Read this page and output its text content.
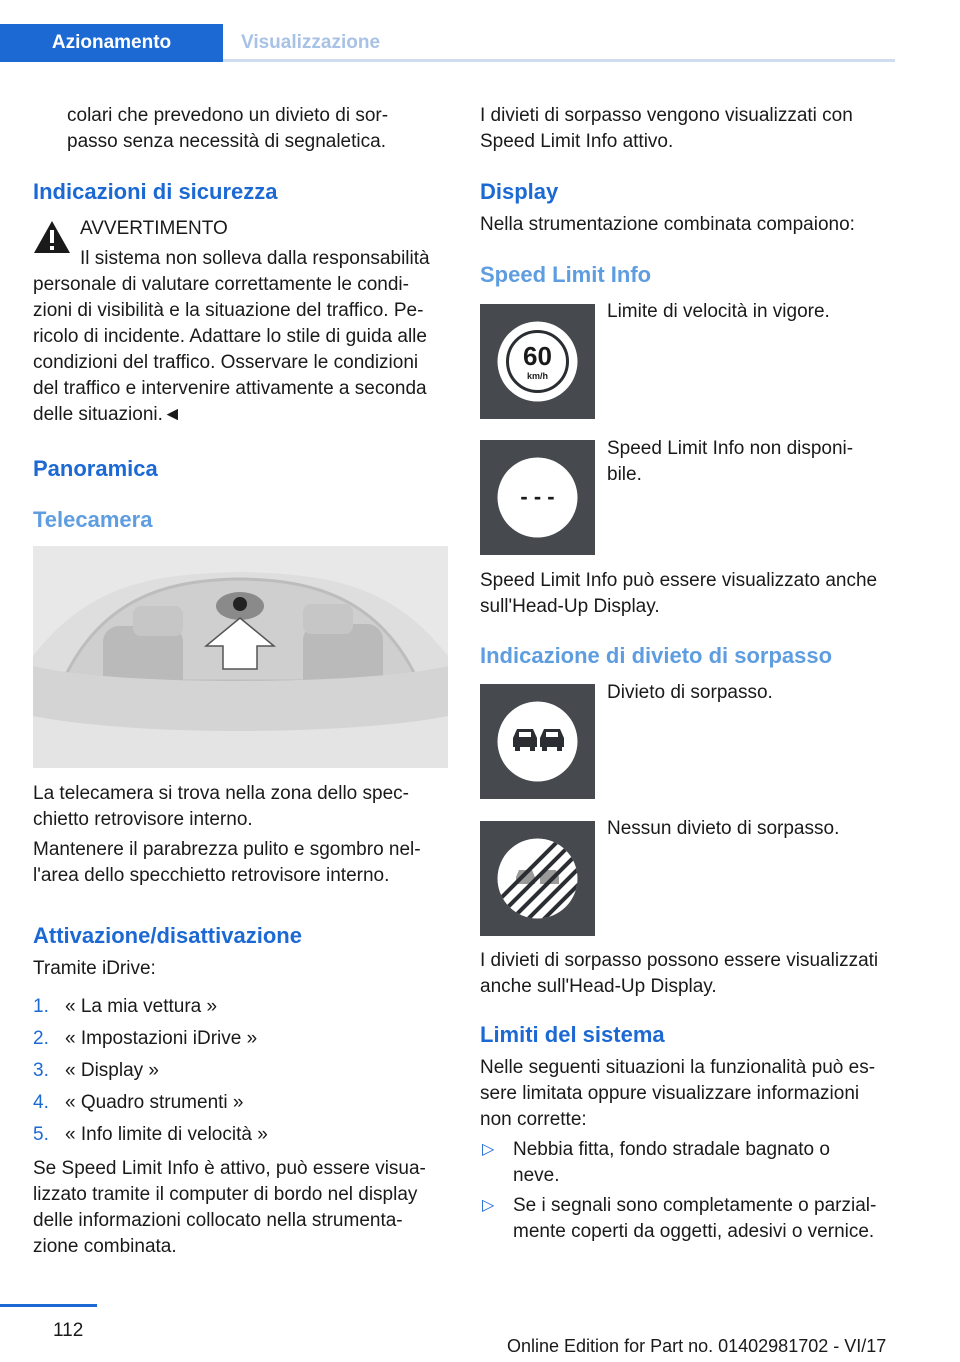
Azionamento	Visualizzazione

colari che prevedono un divieto di sor-
passo senza necessità di segnaletica.

Indicazioni di sicurezza

AVVERTIMENTO

Il sistema non solleva dalla responsabilità

personale di valutare correttamente le condi-
zioni di visibilità e la situazione del traffico. Pe-
ricolo di incidente. Adattare lo stile di guida alle
condizioni del traffico. Osservare le condizioni
del traffico e intervenire attivamente a seconda
delle situazioni.◄

Panoramica
Telecamera

La telecamera si trova nella zona dello spec-
chietto retrovisore interno.

Mantenere il parabrezza pulito e sgombro nel-
l'area dello specchietto retrovisore interno.

Attivazione/disattivazione

Tramite iDrive:

1. « La mia vettura »
2. « Impostazioni iDrive »
3. « Display »
4. « Quadro strumenti »
5. « Info limite di velocità »

Se Speed Limit Info è attivo, può essere visua-
lizzato tramite il computer di bordo nel display
delle informazioni collocato nella strumenta-
zione combinata.

I divieti di sorpasso vengono visualizzati con
Speed Limit Info attivo.

Display

Nella strumentazione combinata compaiono:

Speed Limit Info
60
km/h

Limite di velocità in vigore.

- - -

Speed Limit Info non disponi-
bile.

Speed Limit Info può essere visualizzato anche
sull'Head-Up Display.

Indicazione di divieto di sorpasso

Divieto di sorpasso.

Nessun divieto di sorpasso.

I divieti di sorpasso possono essere visualizzati
anche sull'Head-Up Display.

Limiti del sistema

Nelle seguenti situazioni la funzionalità può es-
sere limitata oppure visualizzare informazioni
non corrette:

▷ Nebbia fitta, fondo stradale bagnato o
neve.
▷ Se i segnali sono completamente o parzial-
mente coperti da oggetti, adesivi o vernice.
112
Online Edition for Part no. 01402981702 - VI/17
